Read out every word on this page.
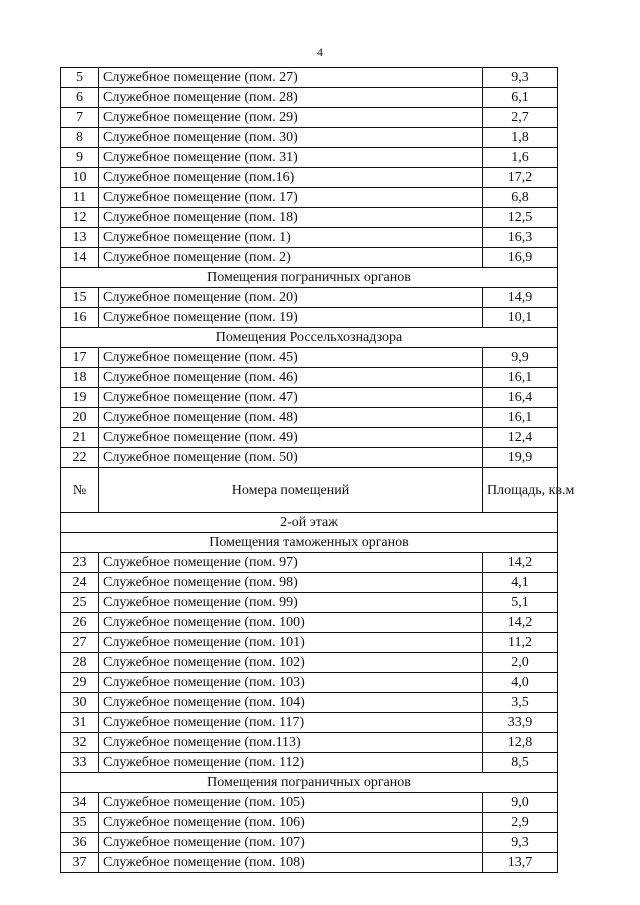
4
5	Служебное помещение (пом. 27)	9,3
6	Служебное помещение (пом. 28)	6,1
7	Служебное помещение (пом. 29)	2,7
8	Служебное помещение (пом. 30)	1,8
9	Служебное помещение (пом. 31)	1,6
10	Служебное помещение (пом.16)	17,2
11	Служебное помещение (пом. 17)	6,8
12	Служебное помещение (пом. 18)	12,5
13	Служебное помещение (пом. 1)	16,3
14	Служебное помещение (пом. 2)	16,9
Помещения пограничных органов		
15	Служебное помещение (пом. 20)	14,9
16	Служебное помещение (пом. 19)	10,1
Помещения Россельхознадзора		
17	Служебное помещение (пом. 45)	9,9
18	Служебное помещение (пом. 46)	16,1
19	Служебное помещение (пом. 47)	16,4
20	Служебное помещение (пом. 48)	16,1
21	Служебное помещение (пом. 49)	12,4
22	Служебное помещение (пом. 50)	19,9
№	Номера помещений	Площадь, кв.м
2-ой этаж		
Помещения таможенных органов		
23	Служебное помещение (пом. 97)	14,2
24	Служебное помещение (пом. 98)	4,1
25	Служебное помещение (пом. 99)	5,1
26	Служебное помещение (пом. 100)	14,2
27	Служебное помещение (пом. 101)	11,2
28	Служебное помещение (пом. 102)	2,0
29	Служебное помещение (пом. 103)	4,0
30	Служебное помещение (пом. 104)	3,5
31	Служебное помещение (пом. 117)	33,9
32	Служебное помещение (пом.113)	12,8
33	Служебное помещение (пом. 112)	8,5
Помещения пограничных органов		
34	Служебное помещение (пом. 105)	9,0
35	Служебное помещение (пом. 106)	2,9
36	Служебное помещение (пом. 107)	9,3
37	Служебное помещение (пом. 108)	13,7
